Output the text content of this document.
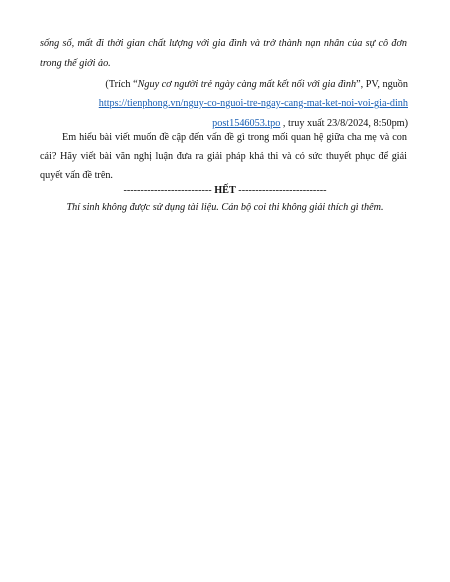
sống số, mất đi thời gian chất lượng với gia đình và trở thành nạn nhân của sự cô đơn
trong thế giới ảo.
(Trích “Nguy cơ người trẻ ngày càng mất kết nối với gia đình”, PV, nguồn
https://tienphong.vn/nguy-co-nguoi-tre-ngay-cang-mat-ket-noi-voi-gia-dinh
post1546053.tpo , truy xuất 23/8/2024, 8:50pm)
Em hiểu bài viết muốn đề cập đến vấn đề gì trong mối quan hệ giữa cha mẹ và con
cái? Hãy viết bài văn nghị luận đưa ra giải pháp khả thi và có sức thuyết phục để giải
quyết vấn đề trên.
-------------------------- HẾT --------------------------
Thí sinh không được sử dụng tài liệu. Cán bộ coi thi không giải thích gì thêm.
